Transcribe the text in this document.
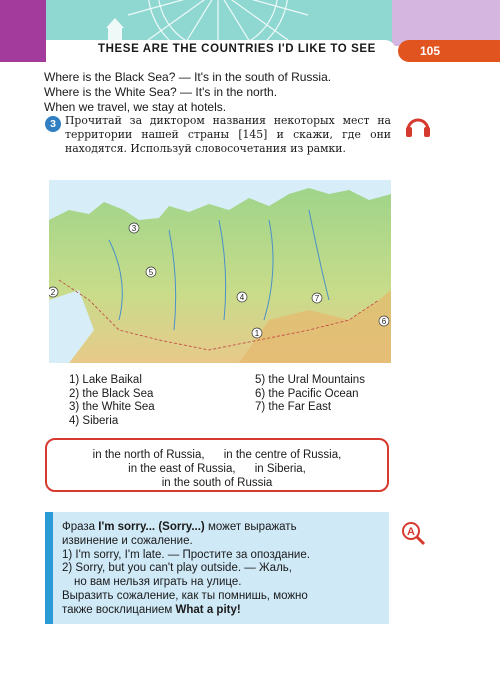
THESE ARE THE COUNTRIES I'D LIKE TO SEE	105
Where is the Black Sea? — It's in the south of Russia.
Where is the White Sea? — It's in the north.
When we travel, we stay at hotels.
3 Прочитай за диктором названия некоторых мест на территории нашей страны [145] и скажи, где они находятся. Используй словосочетания из рамки.
3
5
2
4	7
6
1
1) Lake Baikal
2) the Black Sea
3) the White Sea
4) Siberia
5) the Ural Mountains
6) the Pacific Ocean
7) the Far East
in the north of Russia,      in the centre of Russia,
in the east of Russia,      in Siberia,
in the south of Russia
Фраза I'm sorry... (Sorry...) может выражать
извинение и сожаление.
1) I'm sorry, I'm late. — Простите за опоздание.
2) Sorry, but you can't play outside. — Жаль,
но вам нельзя играть на улице.
Выразить сожаление, как ты помнишь, можно
также восклицанием What a pity!
A
